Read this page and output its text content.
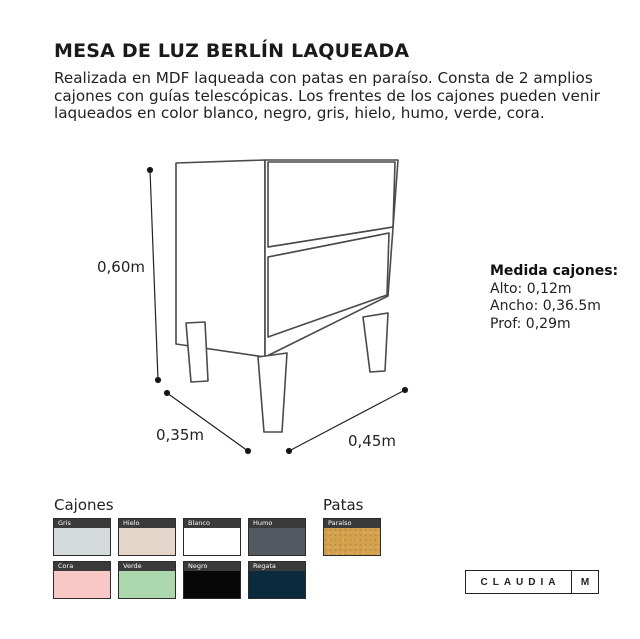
MESA DE LUZ BERLÍN LAQUEADA

Realizada en MDF laqueada con patas en paraíso. Consta de 2 amplios cajones con guías telescópicas. Los frentes de los cajones pueden venir laqueados en color blanco, negro, gris, hielo, humo, verde, cora.

0,60m
0,35m	0,45m
Medida cajones:
Alto: 0,12m
Ancho: 0,36.5m
Prof: 0,29m
Cajones	Patas
Gris	Hielo	Blanco	Humo
Cora	Verde	Negro	Regata
Paraíso
CLAUDIA	M
